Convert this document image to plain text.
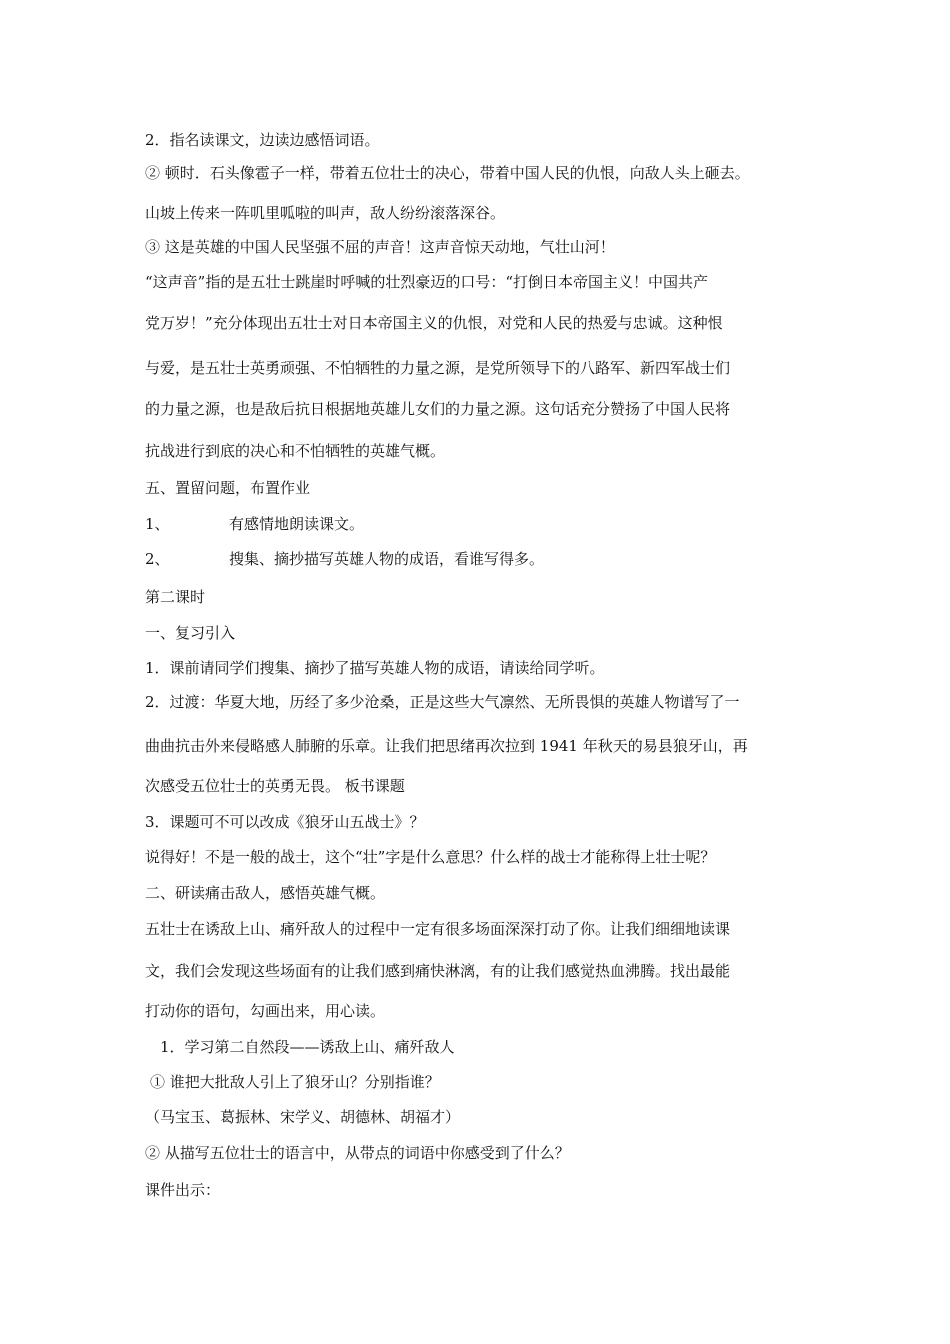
2．指名读课文，边读边感悟词语。
② 顿时．石头像雹子一样，带着五位壮士的决心，带着中国人民的仇恨，向敌人头上砸去。
山坡上传来一阵叽里呱啦的叫声，敌人纷纷滚落深谷。
③ 这是英雄的中国人民坚强不屈的声音！这声音惊天动地，气壮山河！
“这声音”指的是五壮士跳崖时呼喊的壮烈豪迈的口号：“打倒日本帝国主义！中国共产
党万岁！”充分体现出五壮士对日本帝国主义的仇恨，对党和人民的热爱与忠诚。这种恨
与爱，是五壮士英勇顽强、不怕牺牲的力量之源，是党所领导下的八路军、新四军战士们
的力量之源，也是敌后抗日根据地英雄儿女们的力量之源。这句话充分赞扬了中国人民将
抗战进行到底的决心和不怕牺牲的英雄气概。
五、置留问题，布置作业
1、	有感情地朗读课文。
2、	搜集、摘抄描写英雄人物的成语，看谁写得多。
第二课时
一、复习引入
1．课前请同学们搜集、摘抄了描写英雄人物的成语，请读给同学听。
2．过渡：华夏大地，历经了多少沧桑，正是这些大气凛然、无所畏惧的英雄人物谱写了一
曲曲抗击外来侵略感人肺腑的乐章。让我们把思绪再次拉到 1941 年秋天的易县狼牙山，再
次感受五位壮士的英勇无畏。 板书课题
3．课题可不可以改成《狼牙山五战士》？
说得好！不是一般的战士，这个“壮”字是什么意思？什么样的战士才能称得上壮士呢？
二、研读痛击敌人，感悟英雄气概。
五壮士在诱敌上山、痛歼敌人的过程中一定有很多场面深深打动了你。让我们细细地读课
文，我们会发现这些场面有的让我们感到痛快淋漓，有的让我们感觉热血沸腾。找出最能
打动你的语句，勾画出来，用心读。
1．学习第二自然段——诱敌上山、痛歼敌人
① 谁把大批敌人引上了狼牙山？分别指谁？
（马宝玉、葛振林、宋学义、胡德林、胡福才）
② 从描写五位壮士的语言中，从带点的词语中你感受到了什么？
课件出示：
